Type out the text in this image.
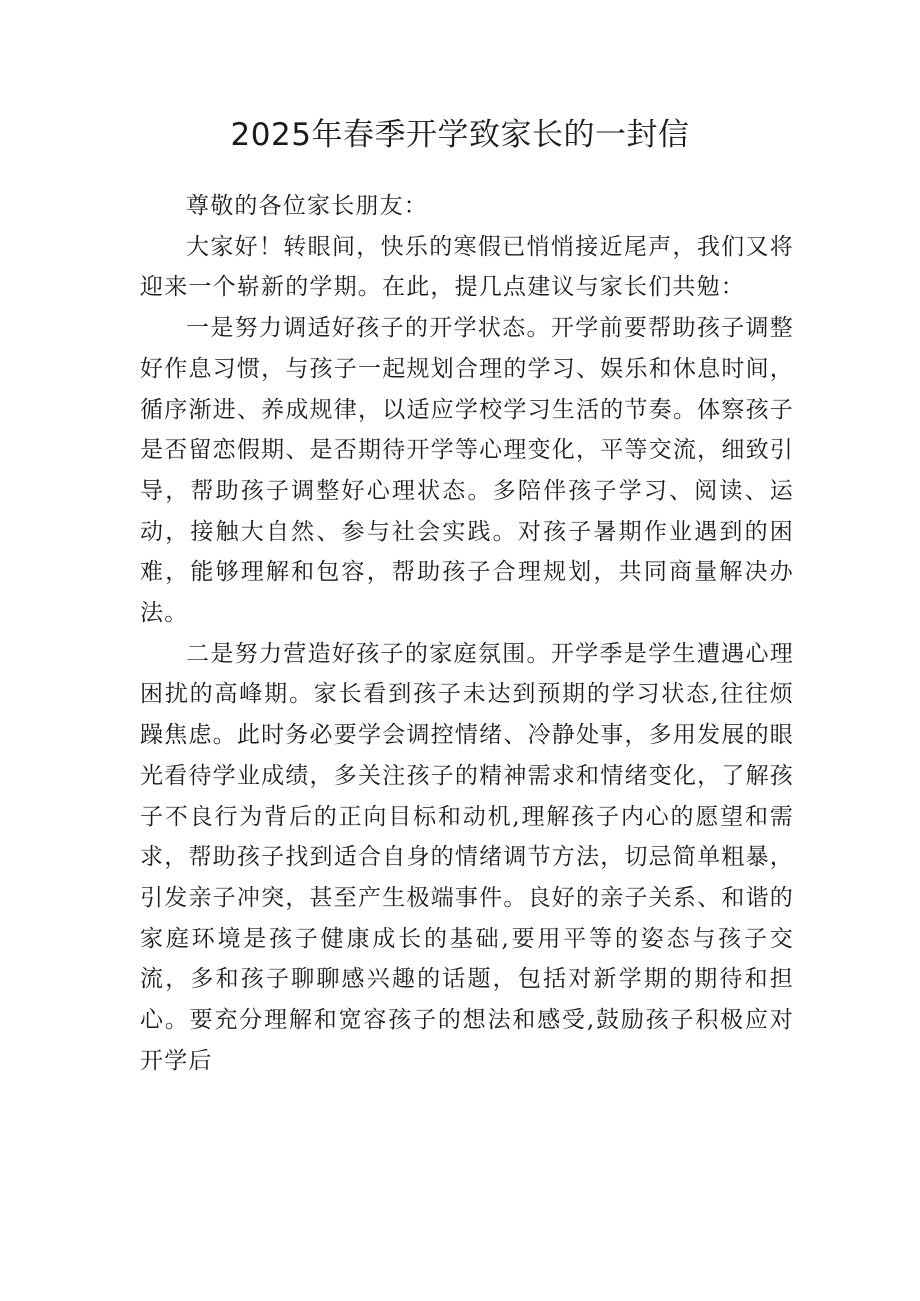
2025年春季开学致家长的一封信

尊敬的各位家长朋友：

大家好！转眼间，快乐的寒假已悄悄接近尾声，我们又将迎来一个崭新的学期。在此，提几点建议与家长们共勉：

一是努力调适好孩子的开学状态。开学前要帮助孩子调整好作息习惯，与孩子一起规划合理的学习、娱乐和休息时间，循序渐进、养成规律，以适应学校学习生活的节奏。体察孩子是否留恋假期、是否期待开学等心理变化，平等交流，细致引导，帮助孩子调整好心理状态。多陪伴孩子学习、阅读、运动，接触大自然、参与社会实践。对孩子暑期作业遇到的困难，能够理解和包容，帮助孩子合理规划，共同商量解决办法。

二是努力营造好孩子的家庭氛围。开学季是学生遭遇心理困扰的高峰期。家长看到孩子未达到预期的学习状态,往往烦躁焦虑。此时务必要学会调控情绪、冷静处事，多用发展的眼光看待学业成绩，多关注孩子的精神需求和情绪变化，了解孩子不良行为背后的正向目标和动机,理解孩子内心的愿望和需求，帮助孩子找到适合自身的情绪调节方法，切忌简单粗暴，引发亲子冲突，甚至产生极端事件。良好的亲子关系、和谐的家庭环境是孩子健康成长的基础,要用平等的姿态与孩子交流，多和孩子聊聊感兴趣的话题，包括对新学期的期待和担心。要充分理解和宽容孩子的想法和感受,鼓励孩子积极应对开学后
